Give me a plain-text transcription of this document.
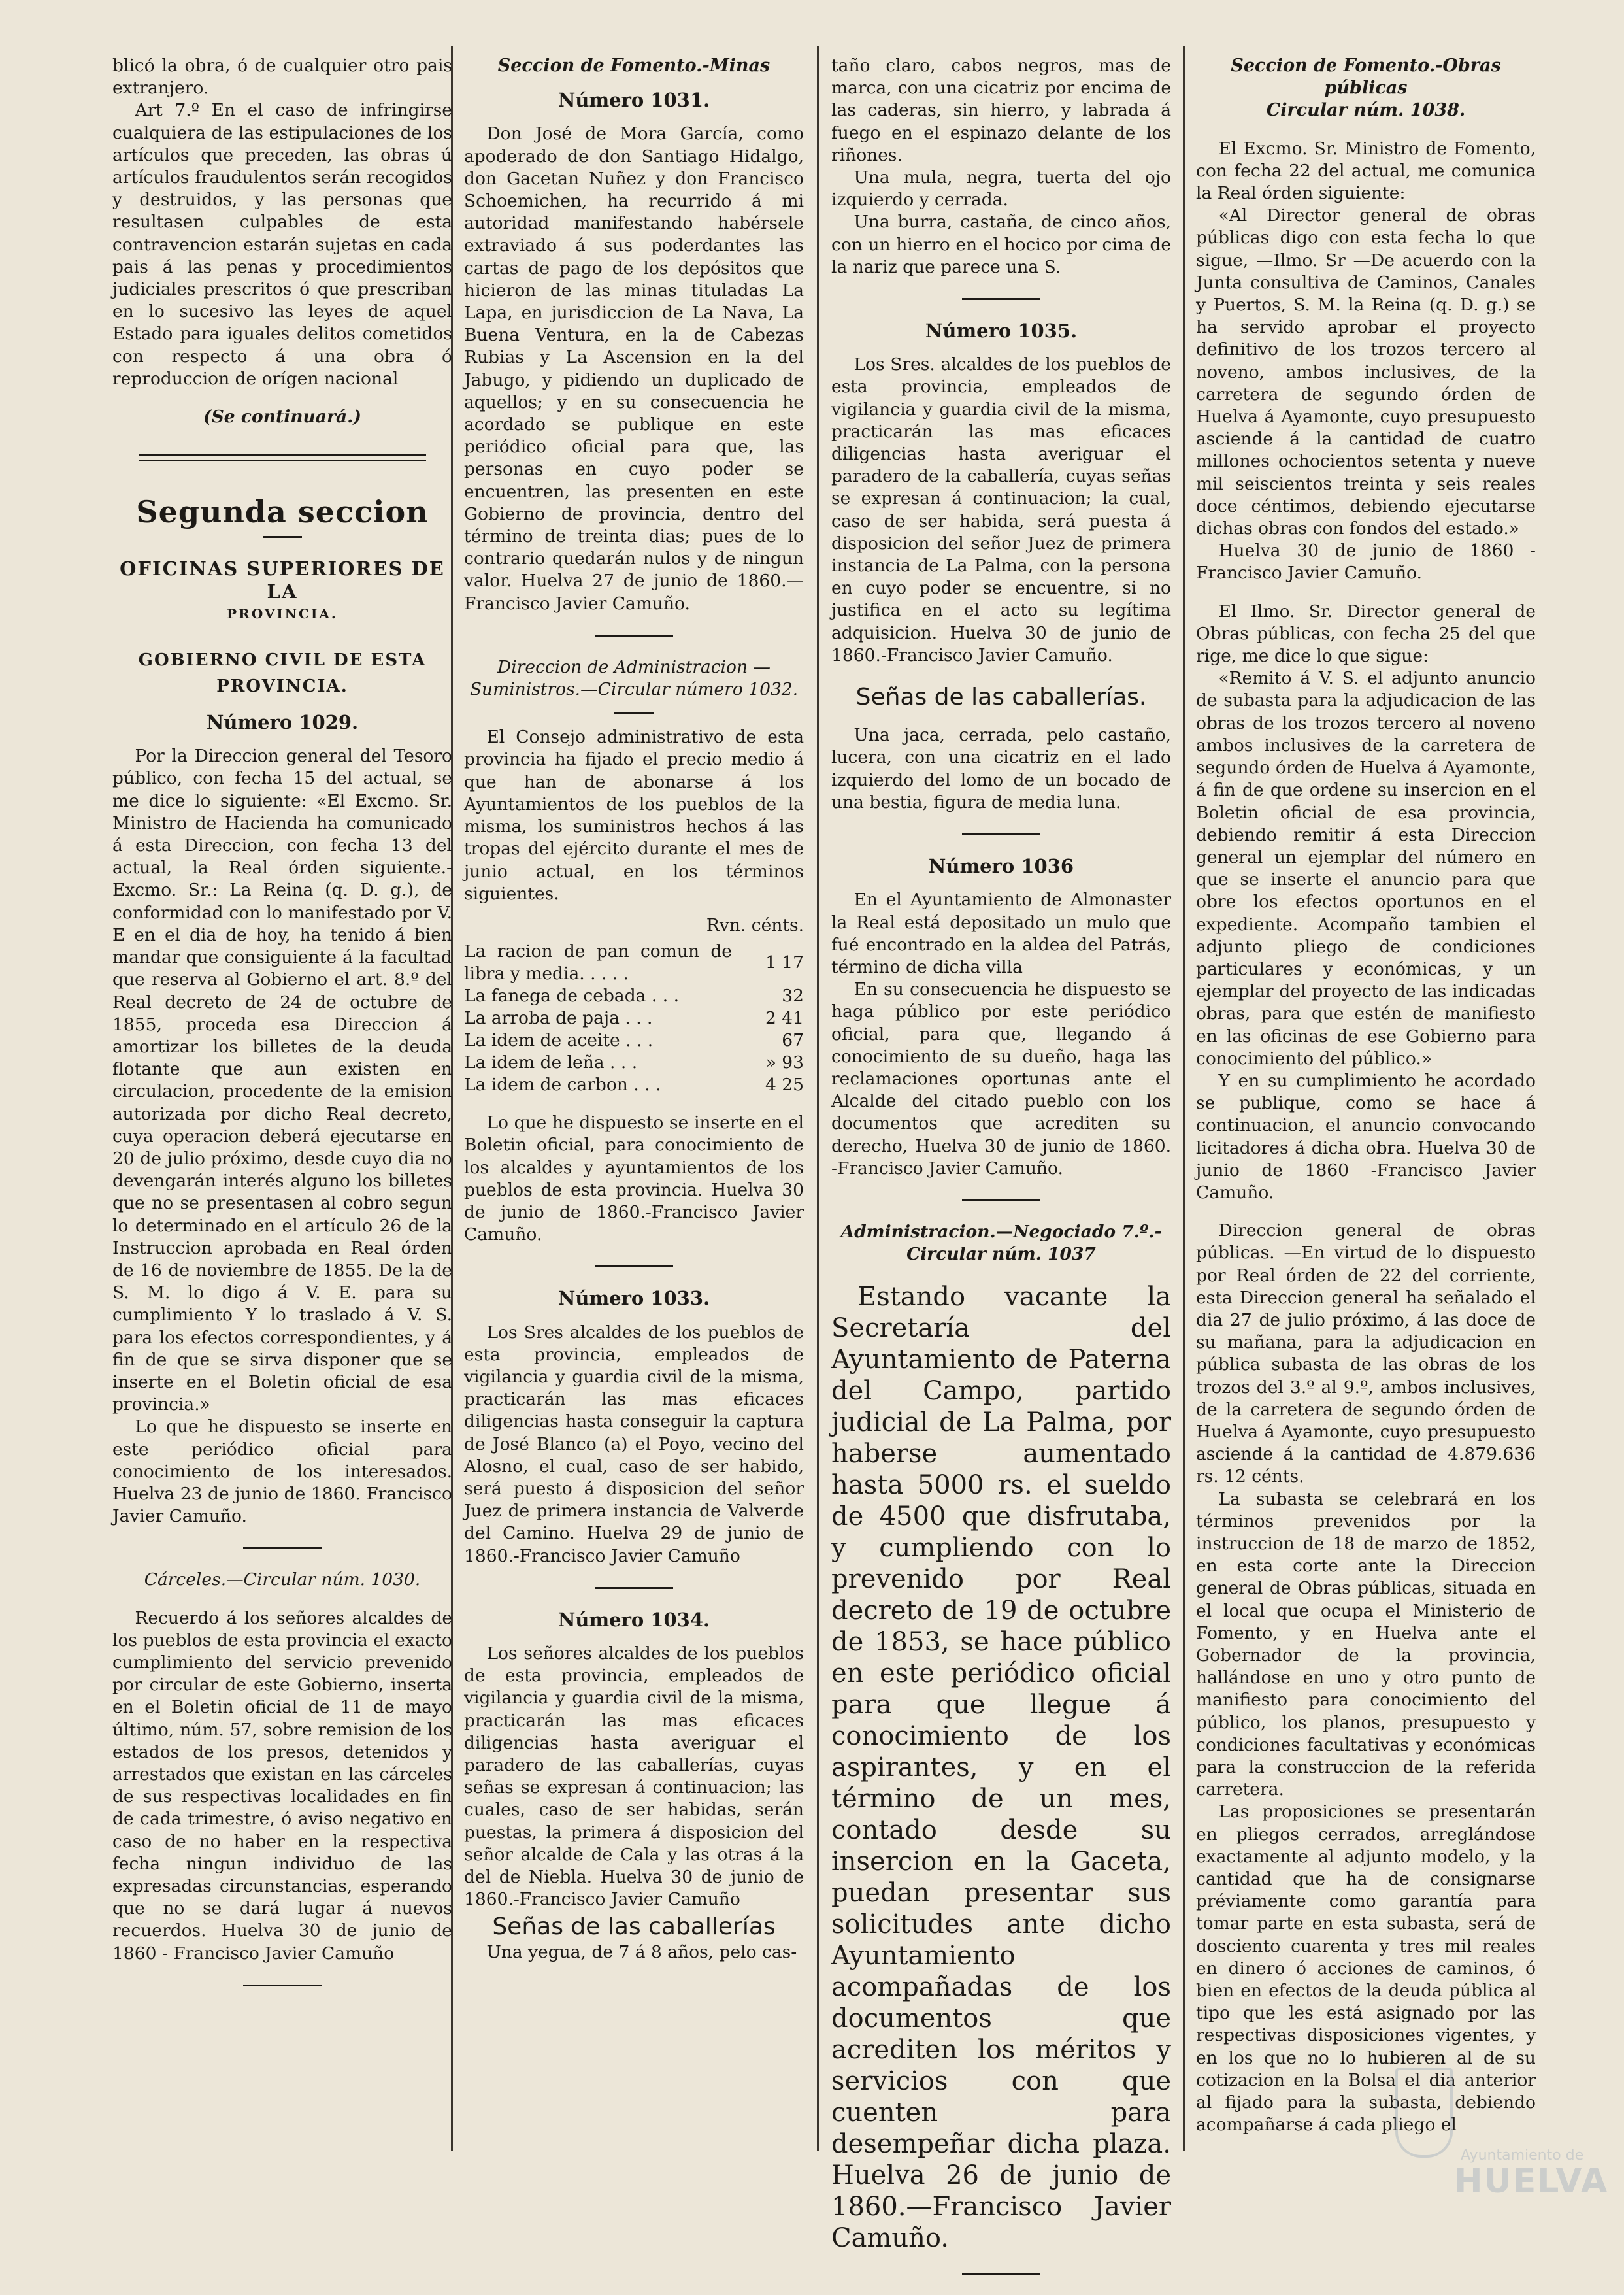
blicó la obra, ó de cualquier otro pais extranjero.

Art 7.º En el caso de infringirse cualquiera de las estipulaciones de los artículos que preceden, las obras ú artículos fraudulentos serán recogidos y destruidos, y las personas que resultasen culpables de esta contravencion estarán sujetas en cada pais á las penas y procedimientos judiciales prescritos ó que prescriban en lo sucesivo las leyes de aquel Estado para iguales delitos cometidos con respecto á una obra ó reproduccion de orígen nacional

(Se continuará.)

Segunda seccion
OFICINAS SUPERIORES DE LA
PROVINCIA.
GOBIERNO CIVIL DE ESTA PROVINCIA.
Número 1029.

Por la Direccion general del Tesoro público, con fecha 15 del actual, se me dice lo siguiente: «El Excmo. Sr. Ministro de Hacienda ha comunicado á esta Direccion, con fecha 13 del actual, la Real órden siguiente.-Excmo. Sr.: La Reina (q. D. g.), de conformidad con lo manifestado por V. E en el dia de hoy, ha tenido á bien mandar que consiguiente á la facultad que reserva al Gobierno el art. 8.º del Real decreto de 24 de octubre de 1855, proceda esa Direccion á amortizar los billetes de la deuda flotante que aun existen en circulacion, procedente de la emision autorizada por dicho Real decreto, cuya operacion deberá ejecutarse en 20 de julio próximo, desde cuyo dia no devengarán interés alguno los billetes que no se presentasen al cobro segun lo determinado en el artículo 26 de la Instruccion aprobada en Real órden de 16 de noviembre de 1855. De la de S. M. lo digo á V. E. para su cumplimiento Y lo traslado á V. S. para los efectos correspondientes, y á fin de que se sirva disponer que se inserte en el Boletin oficial de esa provincia.»

Lo que he dispuesto se inserte en este periódico oficial para conocimiento de los interesados. Huelva 23 de junio de 1860. Francisco Javier Camuño.

Cárceles.—Circular núm. 1030.

Recuerdo á los señores alcaldes de los pueblos de esta provincia el exacto cumplimiento del servicio prevenido por circular de este Gobierno, inserta en el Boletin oficial de 11 de mayo último, núm. 57, sobre remision de los estados de los presos, detenidos y arrestados que existan en las cárceles de sus respectivas localidades en fin de cada trimestre, ó aviso negativo en caso de no haber en la respectiva fecha ningun individuo de las expresadas circunstancias, esperando que no se dará lugar á nuevos recuerdos. Huelva 30 de junio de 1860 - Francisco Javier Camuño

Seccion de Fomento.-Minas

Número 1031.

Don José de Mora García, como apoderado de don Santiago Hidalgo, don Gacetan Nuñez y don Francisco Schoemichen, ha recurrido á mi autoridad manifestando habérsele extraviado á sus poderdantes las cartas de pago de los depósitos que hicieron de las minas tituladas La Lapa, en jurisdiccion de La Nava, La Buena Ventura, en la de Cabezas Rubias y La Ascension en la del Jabugo, y pidiendo un duplicado de aquellos; y en su consecuencia he acordado se publique en este periódico oficial para que, las personas en cuyo poder se encuentren, las presenten en este Gobierno de provincia, dentro del término de treinta dias; pues de lo contrario quedarán nulos y de ningun valor. Huelva 27 de junio de 1860.—Francisco Javier Camuño.

Direccion de Administracion —Suministros.—Circular número 1032.

El Consejo administrativo de esta provincia ha fijado el precio medio á que han de abonarse á los Ayuntamientos de los pueblos de la misma, los suministros hechos á las tropas del ejército durante el mes de junio actual, en los términos siguientes.

Rvn. cénts.

La racion de pan comun de libra y media. . . . .	1 17
La fanega de cebada . . .	32
La arroba de paja . . .	2 41
La idem de aceite . . .	67
La idem de leña . . .	» 93
La idem de carbon . . .	4 25

Lo que he dispuesto se inserte en el Boletin oficial, para conocimiento de los alcaldes y ayuntamientos de los pueblos de esta provincia. Huelva 30 de junio de 1860.-Francisco Javier Camuño.

Número 1033.

Los Sres alcaldes de los pueblos de esta provincia, empleados de vigilancia y guardia civil de la misma, practicarán las mas eficaces diligencias hasta conseguir la captura de José Blanco (a) el Poyo, vecino del Alosno, el cual, caso de ser habido, será puesto á disposicion del señor Juez de primera instancia de Valverde del Camino. Huelva 29 de junio de 1860.-Francisco Javier Camuño

Número 1034.

Los señores alcaldes de los pueblos de esta provincia, empleados de vigilancia y guardia civil de la misma, practicarán las mas eficaces diligencias hasta averiguar el paradero de las caballerías, cuyas señas se expresan á continuacion; las cuales, caso de ser habidas, serán puestas, la primera á disposicion del señor alcalde de Cala y las otras á la del de Niebla. Huelva 30 de junio de 1860.-Francisco Javier Camuño

Señas de las caballerías

Una yegua, de 7 á 8 años, pelo cas-

taño claro, cabos negros, mas de marca, con una cicatriz por encima de las caderas, sin hierro, y labrada á fuego en el espinazo delante de los riñones.

Una mula, negra, tuerta del ojo izquierdo y cerrada.

Una burra, castaña, de cinco años, con un hierro en el hocico por cima de la nariz que parece una S.

Número 1035.

Los Sres. alcaldes de los pueblos de esta provincia, empleados de vigilancia y guardia civil de la misma, practicarán las mas eficaces diligencias hasta averiguar el paradero de la caballería, cuyas señas se expresan á continuacion; la cual, caso de ser habida, será puesta á disposicion del señor Juez de primera instancia de La Palma, con la persona en cuyo poder se encuentre, si no justifica en el acto su legítima adquisicion. Huelva 30 de junio de 1860.-Francisco Javier Camuño.

Señas de las caballerías.

Una jaca, cerrada, pelo castaño, lucera, con una cicatriz en el lado izquierdo del lomo de un bocado de una bestia, figura de media luna.

Número 1036

En el Ayuntamiento de Almonaster la Real está depositado un mulo que fué encontrado en la aldea del Patrás, término de dicha villa

En su consecuencia he dispuesto se haga público por este periódico oficial, para que, llegando á conocimiento de su dueño, haga las reclamaciones oportunas ante el Alcalde del citado pueblo con los documentos que acrediten su derecho, Huelva 30 de junio de 1860. -Francisco Javier Camuño.

Administracion.—Negociado 7.º.-Circular núm. 1037

Estando vacante la Secretaría del Ayuntamiento de Paterna del Campo, partido judicial de La Palma, por haberse aumentado hasta 5000 rs. el sueldo de 4500 que disfrutaba, y cumpliendo con lo prevenido por Real decreto de 19 de octubre de 1853, se hace público en este periódico oficial para que llegue á conocimiento de los aspirantes, y en el término de un mes, contado desde su insercion en la Gaceta, puedan presentar sus solicitudes ante dicho Ayuntamiento acompañadas de los documentos que acrediten los méritos y servicios con que cuenten para desempeñar dicha plaza. Huelva 26 de junio de 1860.—Francisco Javier Camuño.

Seccion de Fomento.-Obras públicas

Circular núm. 1038.

El Excmo. Sr. Ministro de Fomento, con fecha 22 del actual, me comunica la Real órden siguiente:

«Al Director general de obras públicas digo con esta fecha lo que sigue, —Ilmo. Sr —De acuerdo con la Junta consultiva de Caminos, Canales y Puertos, S. M. la Reina (q. D. g.) se ha servido aprobar el proyecto definitivo de los trozos tercero al noveno, ambos inclusives, de la carretera de segundo órden de Huelva á Ayamonte, cuyo presupuesto asciende á la cantidad de cuatro millones ochocientos setenta y nueve mil seiscientos treinta y seis reales doce céntimos, debiendo ejecutarse dichas obras con fondos del estado.»

Huelva 30 de junio de 1860 -Francisco Javier Camuño.

El Ilmo. Sr. Director general de Obras públicas, con fecha 25 del que rige, me dice lo que sigue:

«Remito á V. S. el adjunto anuncio de subasta para la adjudicacion de las obras de los trozos tercero al noveno ambos inclusives de la carretera de segundo órden de Huelva á Ayamonte, á fin de que ordene su insercion en el Boletin oficial de esa provincia, debiendo remitir á esta Direccion general un ejemplar del número en que se inserte el anuncio para que obre los efectos oportunos en el expediente. Acompaño tambien el adjunto pliego de condiciones particulares y económicas, y un ejemplar del proyecto de las indicadas obras, para que estén de manifiesto en las oficinas de ese Gobierno para conocimiento del público.»

Y en su cumplimiento he acordado se publique, como se hace á continuacion, el anuncio convocando licitadores á dicha obra. Huelva 30 de junio de 1860 -Francisco Javier Camuño.

Direccion general de obras públicas. —En virtud de lo dispuesto por Real órden de 22 del corriente, esta Direccion general ha señalado el dia 27 de julio próximo, á las doce de su mañana, para la adjudicacion en pública subasta de las obras de los trozos del 3.º al 9.º, ambos inclusives, de la carretera de segundo órden de Huelva á Ayamonte, cuyo presupuesto asciende á la cantidad de 4.879.636 rs. 12 cénts.

La subasta se celebrará en los términos prevenidos por la instruccion de 18 de marzo de 1852, en esta corte ante la Direccion general de Obras públicas, situada en el local que ocupa el Ministerio de Fomento, y en Huelva ante el Gobernador de la provincia, hallándose en uno y otro punto de manifiesto para conocimiento del público, los planos, presupuesto y condiciones facultativas y económicas para la construccion de la referida carretera.

Las proposiciones se presentarán en pliegos cerrados, arreglándose exactamente al adjunto modelo, y la cantidad que ha de consignarse préviamente como garantía para tomar parte en esta subasta, será de dosciento cuarenta y tres mil reales en dinero ó acciones de caminos, ó bien en efectos de la deuda pública al tipo que les está asignado por las respectivas disposiciones vigentes, y en los que no lo hubieren al de su cotizacion en la Bolsa el dia anterior al fijado para la subasta, debiendo acompañarse á cada pliego el

Ayuntamiento de
HUELVA
